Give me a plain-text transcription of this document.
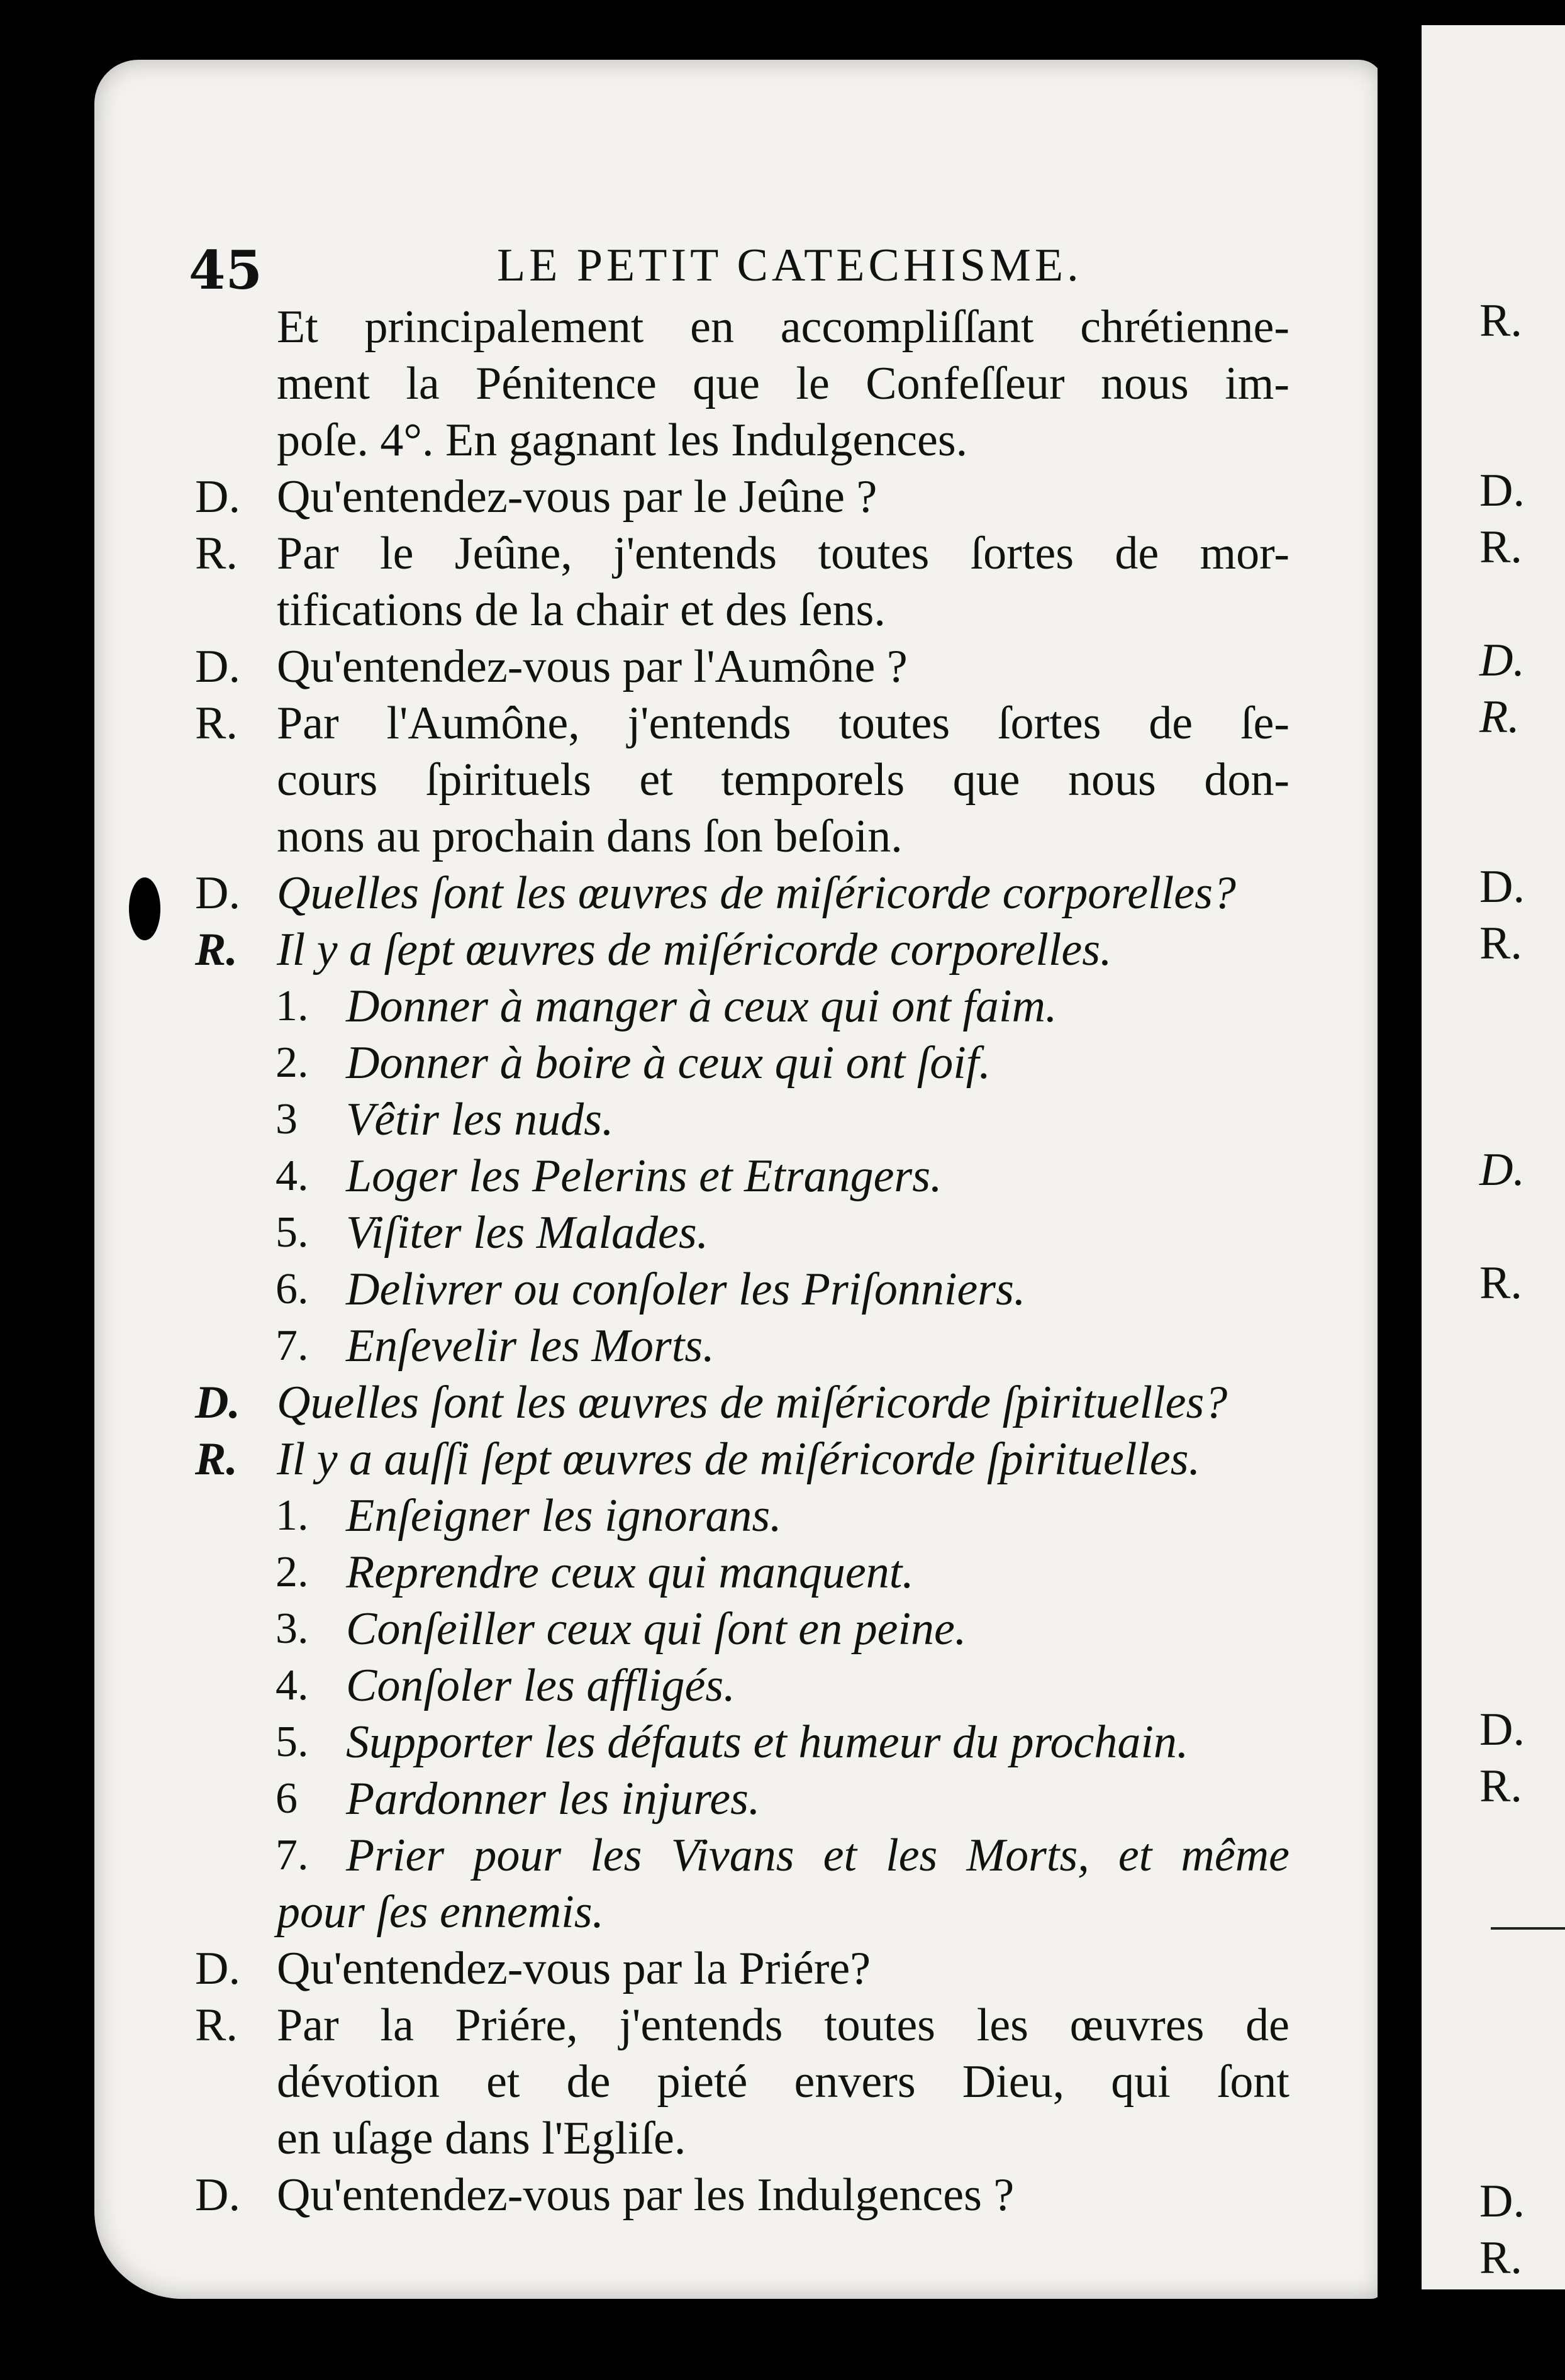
45	LE PETIT CATECHISME.
D.
R.
D.
R.
D.
R.
D.
R.
D.
R.
D.
Et principalement en accompliſſant chrétienne-
ment la Pénitence que le Confeſſeur nous im-
poſe. 4°. En gagnant les Indulgences.
Qu'entendez-vous par le Jeûne ?
Par le Jeûne, j'entends toutes ſortes de mor-
tifications de la chair et des ſens.
Qu'entendez-vous par l'Aumône ?
Par l'Aumône, j'entends toutes ſortes de ſe-
cours ſpirituels et temporels que nous don-
nons au prochain dans ſon beſoin.
Quelles ſont les œuvres de miſéricorde corporelles?
Il y a ſept œuvres de miſéricorde corporelles.
1. Donner à manger à ceux qui ont faim.
2. Donner à boire à ceux qui ont ſoif.
3 Vêtir les nuds.
4. Loger les Pelerins et Etrangers.
5. Viſiter les Malades.
6. Delivrer ou conſoler les Priſonniers.
7. Enſevelir les Morts.
Quelles ſont les œuvres de miſéricorde ſpirituelles?
Il y a auſſi ſept œuvres de miſéricorde ſpirituelles.
1. Enſeigner les ignorans.
2. Reprendre ceux qui manquent.
3. Conſeiller ceux qui ſont en peine.
4. Conſoler les affligés.
5. Supporter les défauts et humeur du prochain.
6 Pardonner les injures.
7. Prier pour les Vivans et les Morts, et même
pour ſes ennemis.
Qu'entendez-vous par la Priére?
Par la Priére, j'entends toutes les œuvres de
dévotion et de pieté envers Dieu, qui ſont
en uſage dans l'Egliſe.
Qu'entendez-vous par les Indulgences ?
R.
D.
R.
D.
R.
D.
R.
D.
R.
D.
R.
D.
R.
